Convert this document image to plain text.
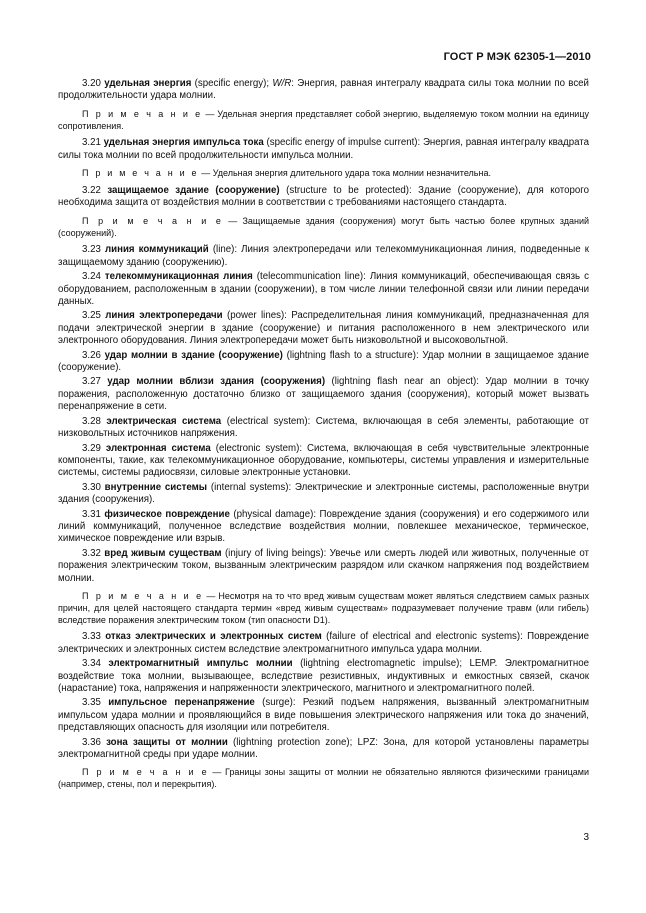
ГОСТ Р МЭК 62305-1—2010

3.20 удельная энергия (specific energy); W/R: Энергия, равная интегралу квадрата силы тока молнии по всей продолжительности удара молнии.

П р и м е ч а н и е — Удельная энергия представляет собой энергию, выделяемую током молнии на единицу сопротивления.

3.21 удельная энергия импульса тока (specific energy of impulse current): Энергия, равная интегралу квадрата силы тока молнии по всей продолжительности импульса молнии.

П р и м е ч а н и е — Удельная энергия длительного удара тока молнии незначительна.

3.22 защищаемое здание (сооружение) (structure to be protected): Здание (сооружение), для которого необходима защита от воздействия молнии в соответствии с требованиями настоящего стандарта.

П р и м е ч а н и е — Защищаемые здания (сооружения) могут быть частью более крупных зданий (сооружений).

3.23 линия коммуникаций (line): Линия электропередачи или телекоммуникационная линия, подведенные к защищаемому зданию (сооружению).

3.24 телекоммуникационная линия (telecommunication line): Линия коммуникаций, обеспечивающая связь с оборудованием, расположенным в здании (сооружении), в том числе линии телефонной связи или линии передачи данных.

3.25 линия электропередачи (power lines): Распределительная линия коммуникаций, предназначенная для подачи электрической энергии в здание (сооружение) и питания расположенного в нем электрического или электронного оборудования. Линия электропередачи может быть низковольтной и высоковольтной.

3.26 удар молнии в здание (сооружение) (lightning flash to a structure): Удар молнии в защищаемое здание (сооружение).

3.27 удар молнии вблизи здания (сооружения) (lightning flash near an object): Удар молнии в точку поражения, расположенную достаточно близко от защищаемого здания (сооружения), который может вызвать перенапряжение в сети.

3.28 электрическая система (electrical system): Система, включающая в себя элементы, работающие от низковольтных источников напряжения.

3.29 электронная система (electronic system): Система, включающая в себя чувствительные электронные компоненты, такие, как телекоммуникационное оборудование, компьютеры, системы управления и измерительные системы, системы радиосвязи, силовые электронные установки.

3.30 внутренние системы (internal systems): Электрические и электронные системы, расположенные внутри здания (сооружения).

3.31 физическое повреждение (physical damage): Повреждение здания (сооружения) и его содержимого или линий коммуникаций, полученное вследствие воздействия молнии, повлекшее механическое, термическое, химическое повреждение или взрыв.

3.32 вред живым существам (injury of living beings): Увечье или смерть людей или животных, полученные от поражения электрическим током, вызванным электрическим разрядом или скачком напряжения под воздействием молнии.

П р и м е ч а н и е — Несмотря на то что вред живым существам может являться следствием самых разных причин, для целей настоящего стандарта термин «вред живым существам» подразумевает получение травм (или гибель) вследствие поражения электрическим током (тип опасности D1).

3.33 отказ электрических и электронных систем (failure of electrical and electronic systems): Повреждение электрических и электронных систем вследствие электромагнитного импульса удара молнии.

3.34 электромагнитный импульс молнии (lightning electromagnetic impulse); LEMP. Электромагнитное воздействие тока молнии, вызывающее, вследствие резистивных, индуктивных и емкостных связей, скачок (нарастание) тока, напряжения и напряженности электрического, магнитного и электромагнитного полей.

3.35 импульсное перенапряжение (surge): Резкий подъем напряжения, вызванный электромагнитным импульсом удара молнии и проявляющийся в виде повышения электрического напряжения или тока до значений, представляющих опасность для изоляции или потребителя.

3.36 зона защиты от молнии (lightning protection zone); LPZ: Зона, для которой установлены параметры электромагнитной среды при ударе молнии.

П р и м е ч а н и е — Границы зоны защиты от молнии не обязательно являются физическими границами (например, стены, пол и перекрытия).

3
